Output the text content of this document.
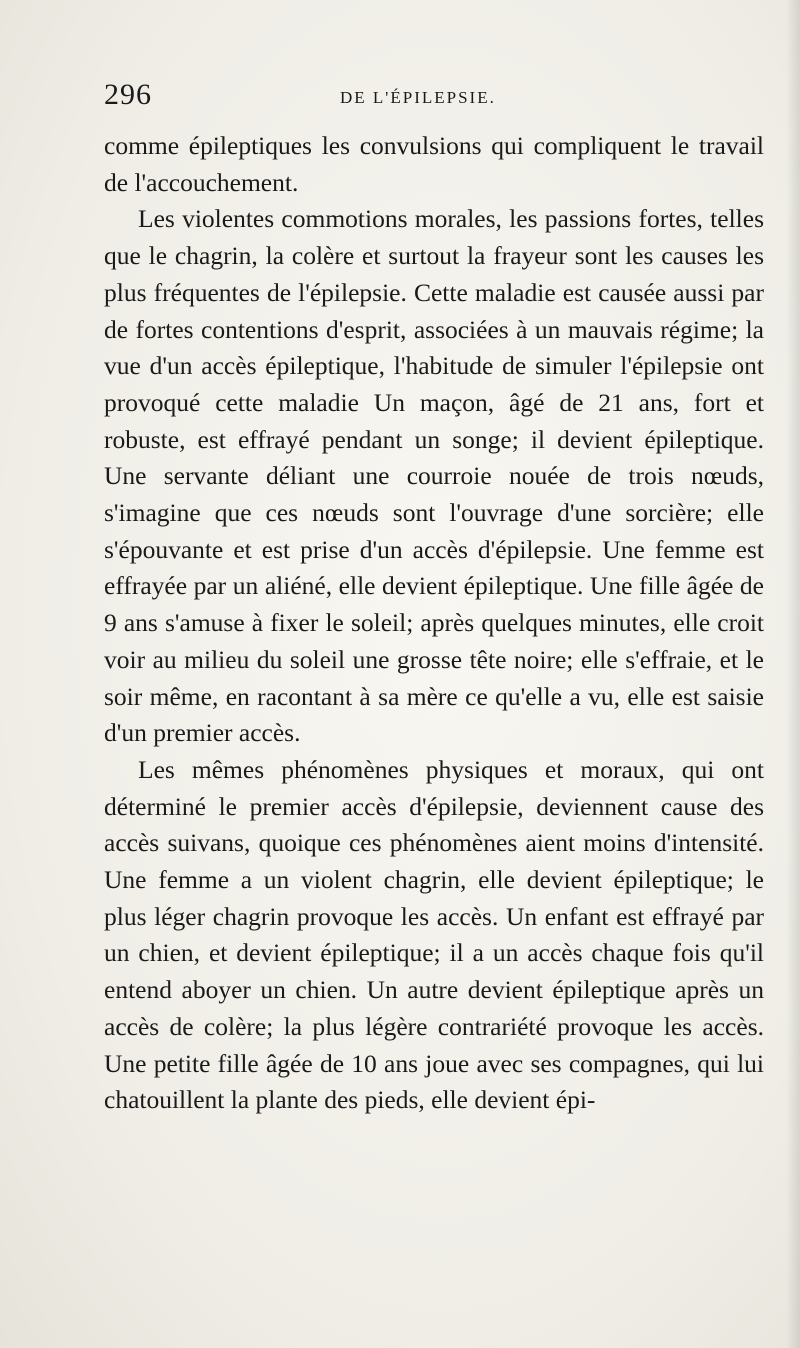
296	DE L'ÉPILEPSIE.

comme épileptiques les convulsions qui compliquent le travail de l'accouchement.

Les violentes commotions morales, les passions fortes, telles que le chagrin, la colère et surtout la frayeur sont les causes les plus fréquentes de l'épilepsie. Cette maladie est causée aussi par de fortes contentions d'esprit, associées à un mauvais régime; la vue d'un accès épileptique, l'habitude de simuler l'épilepsie ont provoqué cette maladie Un maçon, âgé de 21 ans, fort et robuste, est effrayé pendant un songe; il devient épileptique. Une servante déliant une courroie nouée de trois nœuds, s'imagine que ces nœuds sont l'ouvrage d'une sorcière; elle s'épouvante et est prise d'un accès d'épilepsie. Une femme est effrayée par un aliéné, elle devient épileptique. Une fille âgée de 9 ans s'amuse à fixer le soleil; après quelques minutes, elle croit voir au milieu du soleil une grosse tête noire; elle s'effraie, et le soir même, en racontant à sa mère ce qu'elle a vu, elle est saisie d'un premier accès.

Les mêmes phénomènes physiques et moraux, qui ont déterminé le premier accès d'épilepsie, deviennent cause des accès suivans, quoique ces phénomènes aient moins d'intensité. Une femme a un violent chagrin, elle devient épileptique; le plus léger chagrin provoque les accès. Un enfant est effrayé par un chien, et devient épileptique; il a un accès chaque fois qu'il entend aboyer un chien. Un autre devient épileptique après un accès de colère; la plus légère contrariété provoque les accès. Une petite fille âgée de 10 ans joue avec ses compagnes, qui lui chatouillent la plante des pieds, elle devient épi-
